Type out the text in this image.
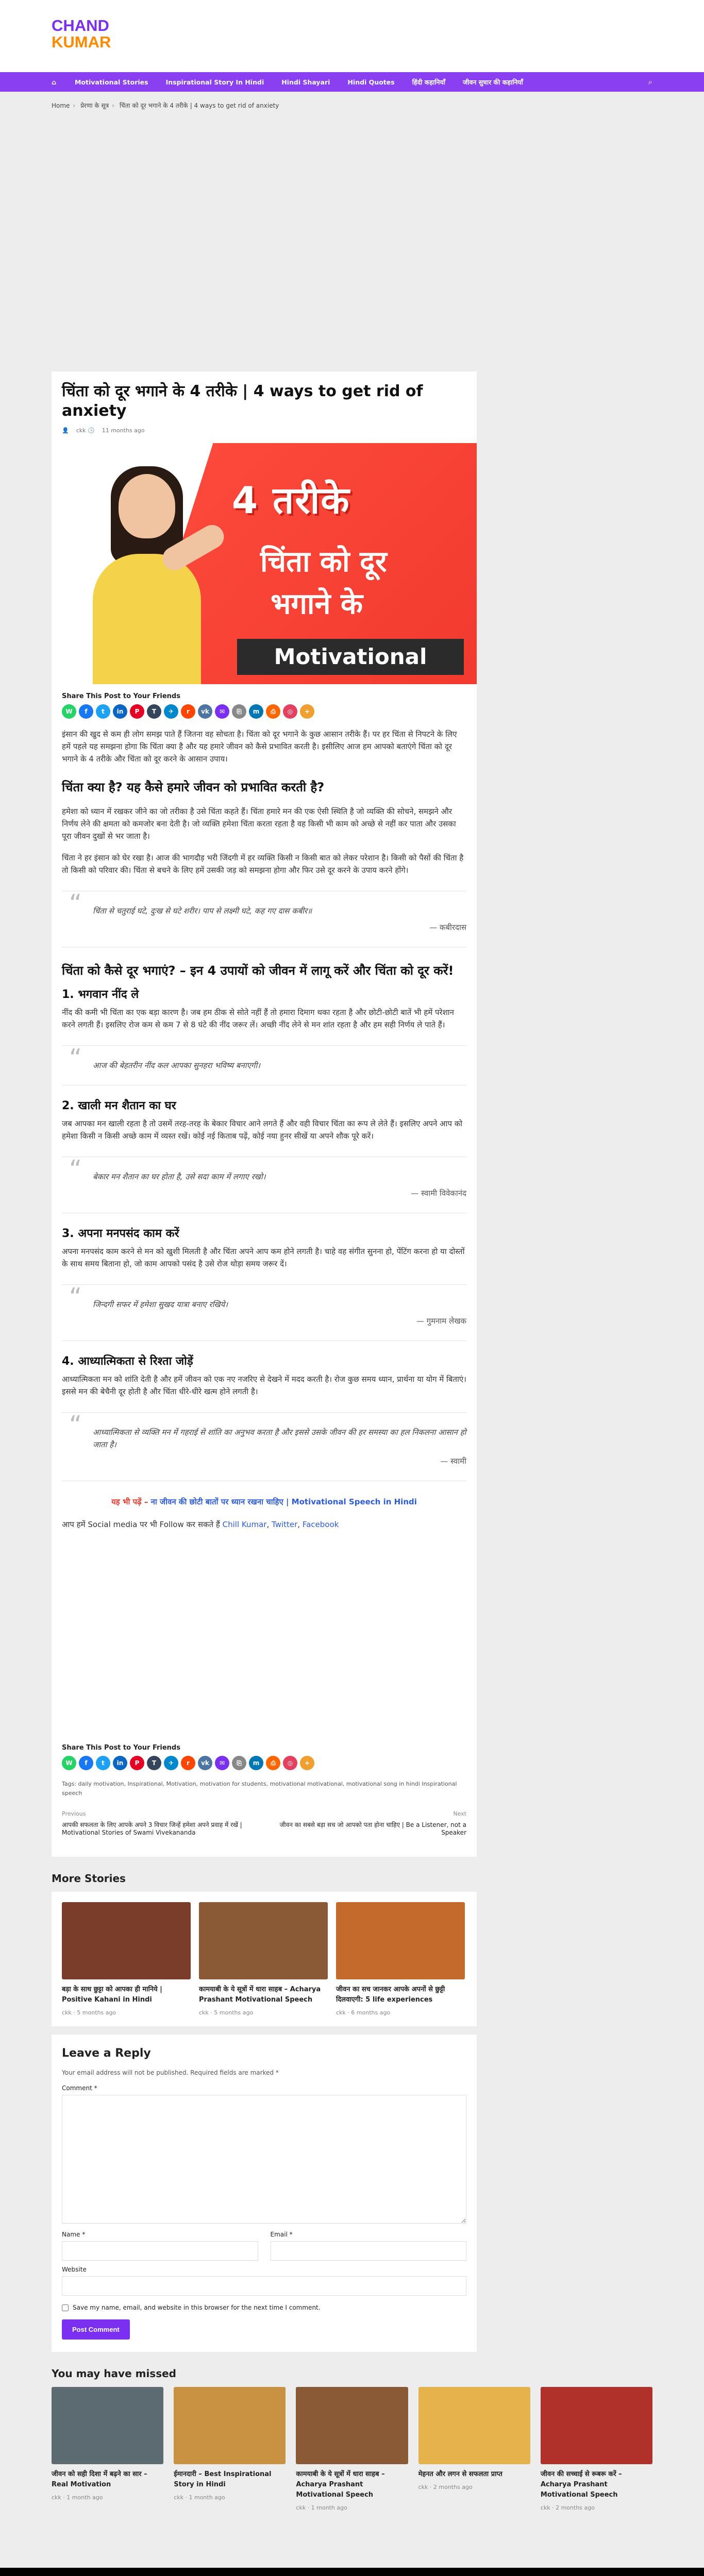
CHAND
KUMAR
⌂	Motivational Stories	Inspirational Story In Hindi	Hindi Shayari	Hindi Quotes	हिंदी कहानियाँ	जीवन सुधार की कहानियाँ	⌕
Home › प्रेरणा के सूत्र › चिंता को दूर भगाने के 4 तरीके | 4 ways to get rid of anxiety
चिंता को दूर भगाने के 4 तरीके | 4 ways to get rid of anxiety
👤 ckk 🕓 11 months ago
4 तरीके
चिंता को दूर
भगाने के
Motivational
Share This Post to Your Friends
W	f	t	in	P	T	✈	r	vk	✉	⎘	m	⎙	◎	+

इंसान की खुद से कम ही लोग समझ पाते हैं जितना वह सोचता है। चिंता को दूर भगाने के कुछ आसान तरीके हैं। पर हर चिंता से निपटने के लिए हमें पहले यह समझना होगा कि चिंता क्या है और यह हमारे जीवन को कैसे प्रभावित करती है। इसीलिए आज हम आपको बताएंगे चिंता को दूर भगाने के 4 तरीके और चिंता को दूर करने के आसान उपाय।

चिंता क्या है? यह कैसे हमारे जीवन को प्रभावित करती है?

हमेशा को ध्यान में रखकर जीने का जो तरीका है उसे चिंता कहते हैं। चिंता हमारे मन की एक ऐसी स्थिति है जो व्यक्ति की सोचने, समझने और निर्णय लेने की क्षमता को कमजोर बना देती है। जो व्यक्ति हमेशा चिंता करता रहता है वह किसी भी काम को अच्छे से नहीं कर पाता और उसका पूरा जीवन दुखों से भर जाता है।

चिंता ने हर इंसान को घेर रखा है। आज की भागदौड़ भरी जिंदगी में हर व्यक्ति किसी न किसी बात को लेकर परेशान है। किसी को पैसों की चिंता है तो किसी को परिवार की। चिंता से बचने के लिए हमें उसकी जड़ को समझना होगा और फिर उसे दूर करने के उपाय करने होंगे।

“ चिंता से चतुराई घटे, दुःख से घटे शरीर। पाप से लक्ष्मी घटे, कह गए दास कबीर॥
— कबीरदास
चिंता को कैसे दूर भगाएं? – इन 4 उपायों को जीवन में लागू करें और चिंता को दूर करें!
1. भगवान नींद ले

नींद की कमी भी चिंता का एक बड़ा कारण है। जब हम ठीक से सोते नहीं हैं तो हमारा दिमाग थका रहता है और छोटी-छोटी बातें भी हमें परेशान करने लगती हैं। इसलिए रोज कम से कम 7 से 8 घंटे की नींद जरूर लें। अच्छी नींद लेने से मन शांत रहता है और हम सही निर्णय ले पाते हैं।

“ आज की बेहतरीन नींद कल आपका सुनहरा भविष्य बनाएगी।
2. खाली मन शैतान का घर

जब आपका मन खाली रहता है तो उसमें तरह-तरह के बेकार विचार आने लगते हैं और वही विचार चिंता का रूप ले लेते हैं। इसलिए अपने आप को हमेशा किसी न किसी अच्छे काम में व्यस्त रखें। कोई नई किताब पढ़ें, कोई नया हुनर सीखें या अपने शौक पूरे करें।

“ बेकार मन शैतान का घर होता है, उसे सदा काम में लगाए रखो।
— स्वामी विवेकानंद
3. अपना मनपसंद काम करें

अपना मनपसंद काम करने से मन को खुशी मिलती है और चिंता अपने आप कम होने लगती है। चाहे वह संगीत सुनना हो, पेंटिंग करना हो या दोस्तों के साथ समय बिताना हो, जो काम आपको पसंद है उसे रोज थोड़ा समय जरूर दें।

“ जिन्दगी सफर में हमेशा सुखद यात्रा बनाए रखिये।
— गुमनाम लेखक
4. आध्यात्मिकता से रिश्ता जोड़ें

आध्यात्मिकता मन को शांति देती है और हमें जीवन को एक नए नजरिए से देखने में मदद करती है। रोज कुछ समय ध्यान, प्रार्थना या योग में बिताएं। इससे मन की बेचैनी दूर होती है और चिंता धीरे-धीरे खत्म होने लगती है।

“ आध्यात्मिकता से व्यक्ति मन में गहराई से शांति का अनुभव करता है और इससे उसके जीवन की हर समस्या का हल निकलना आसान हो जाता है।
— स्वामी
यह भी पढ़ें – ना जीवन की छोटी बातों पर ध्यान रखना चाहिए | Motivational Speech in Hindi

आप हमें Social media पर भी Follow कर सकते हैं Chill Kumar, Twitter, Facebook

Share This Post to Your Friends
W	f	t	in	P	T	✈	r	vk	✉	⎘	m	⎙	◎	+
Tags: daily motivation, Inspirational, Motivation, motivation for students, motivational motivational, motivational song in hindi Inspirational speech
Previous
आपकी सफलता के लिए आपके अपने 3 विचार जिन्हें हमेशा अपने प्रवाह में रखें | Motivational Stories of Swami Vivekananda
Next
जीवन का सबसे बड़ा सच जो आपको पता होना चाहिए | Be a Listener, not a Speaker
More Stories
बड़ा के साथ छुट्टा को आपका ही मानिये | Positive Kahani in Hindi
ckk · 5 months ago
कामयाबी के ये सूत्रों में धारा साहब – Acharya Prashant Motivational Speech
ckk · 5 months ago
जीवन का सच जानकर आपके अपनों से छुट्टी दिलवाएगी: 5 life experiences
ckk · 6 months ago
Leave a Reply
Your email address will not be published. Required fields are marked *
Comment *
Name *	Email *
Website
Save my name, email, and website in this browser for the next time I comment.
Post Comment
You may have missed
जीवन को सही दिशा में बढ़ने का सार – Real Motivation
ckk · 1 month ago
ईमानदारी – Best Inspirational Story in Hindi
ckk · 1 month ago
कामयाबी के ये सूत्रों में धारा साहब – Acharya Prashant Motivational Speech
ckk · 1 month ago
मेहनत और लगन से सफलता प्राप्त
ckk · 2 months ago
जीवन की सच्चाई से रूबरू करें – Acharya Prashant Motivational Speech
ckk · 2 months ago
